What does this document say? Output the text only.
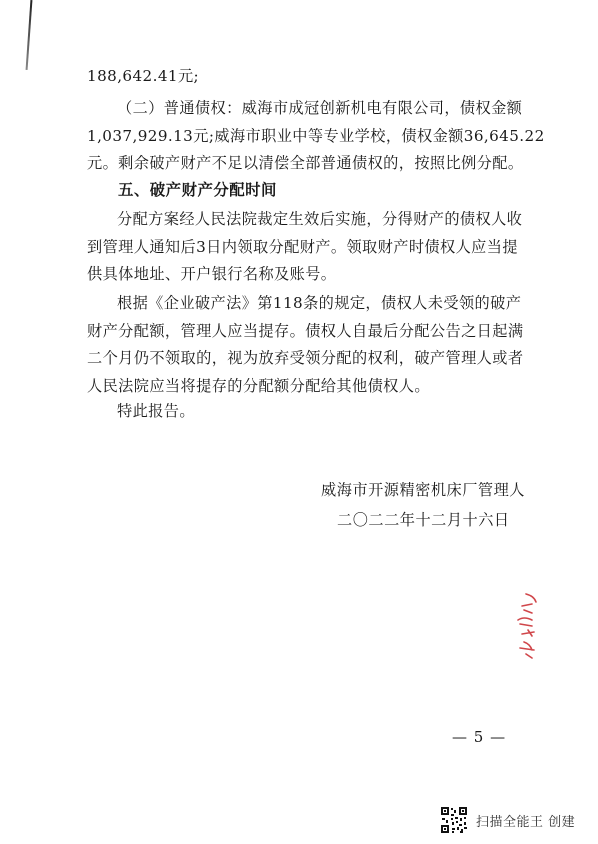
188,642.41元;

（二）普通债权：威海市成冠创新机电有限公司，债权金额
1,037,929.13元;威海市职业中等专业学校，债权金额36,645.22
元。剩余破产财产不足以清偿全部普通债权的，按照比例分配。

五、破产财产分配时间

分配方案经人民法院裁定生效后实施，分得财产的债权人收
到管理人通知后3日内领取分配财产。领取财产时债权人应当提
供具体地址、开户银行名称及账号。

根据《企业破产法》第118条的规定，债权人未受领的破产
财产分配额，管理人应当提存。债权人自最后分配公告之日起满
二个月仍不领取的，视为放弃受领分配的权利，破产管理人或者
人民法院应当将提存的分配额分配给其他债权人。

特此报告。

威海市开源精密机床厂管理人
二〇二二年十二月十六日
— 5 —
扫描全能王 创建
